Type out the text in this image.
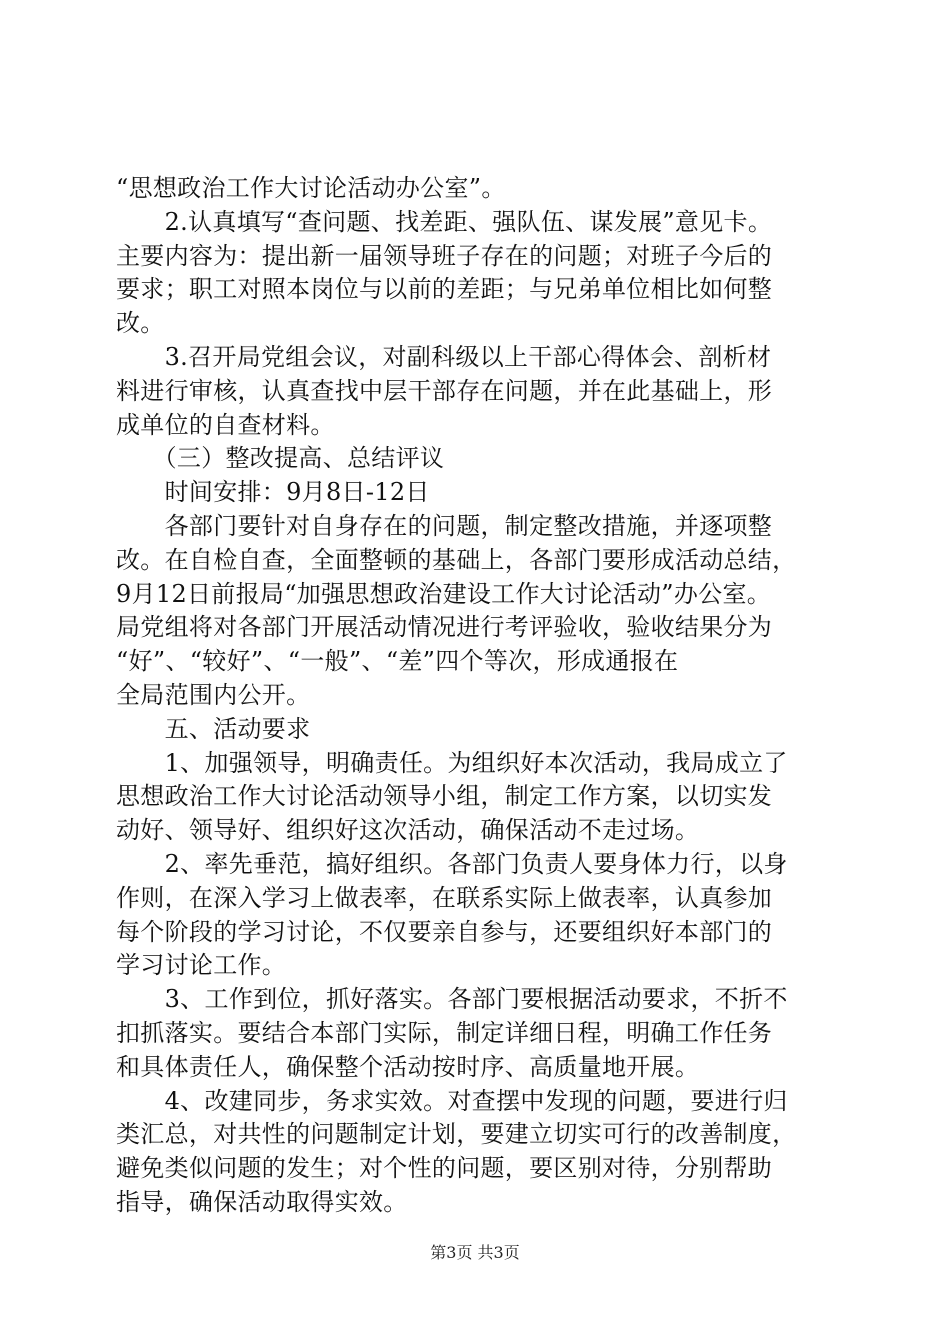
“思想政治工作大讨论活动办公室”。
　　2.认真填写“查问题、找差距、强队伍、谋发展”意见卡。
主要内容为：提出新一届领导班子存在的问题；对班子今后的
要求；职工对照本岗位与以前的差距；与兄弟单位相比如何整
改。
　　3.召开局党组会议，对副科级以上干部心得体会、剖析材
料进行审核，认真查找中层干部存在问题，并在此基础上，形
成单位的自查材料。
　　（三）整改提高、总结评议
　　时间安排：9月8日-12日
　　各部门要针对自身存在的问题，制定整改措施，并逐项整
改。在自检自查，全面整顿的基础上，各部门要形成活动总结，
9月12日前报局“加强思想政治建设工作大讨论活动”办公室。
局党组将对各部门开展活动情况进行考评验收，验收结果分为
“好”、“较好”、“一般”、“差”四个等次，形成通报在
全局范围内公开。
　　五、活动要求
　　1、加强领导，明确责任。为组织好本次活动，我局成立了
思想政治工作大讨论活动领导小组，制定工作方案，以切实发
动好、领导好、组织好这次活动，确保活动不走过场。
　　2、率先垂范，搞好组织。各部门负责人要身体力行，以身
作则，在深入学习上做表率，在联系实际上做表率，认真参加
每个阶段的学习讨论，不仅要亲自参与，还要组织好本部门的
学习讨论工作。
　　3、工作到位，抓好落实。各部门要根据活动要求，不折不
扣抓落实。要结合本部门实际，制定详细日程，明确工作任务
和具体责任人，确保整个活动按时序、高质量地开展。
　　4、改建同步，务求实效。对查摆中发现的问题，要进行归
类汇总，对共性的问题制定计划，要建立切实可行的改善制度，
避免类似问题的发生；对个性的问题，要区别对待，分别帮助
指导，确保活动取得实效。
第3页 共3页
